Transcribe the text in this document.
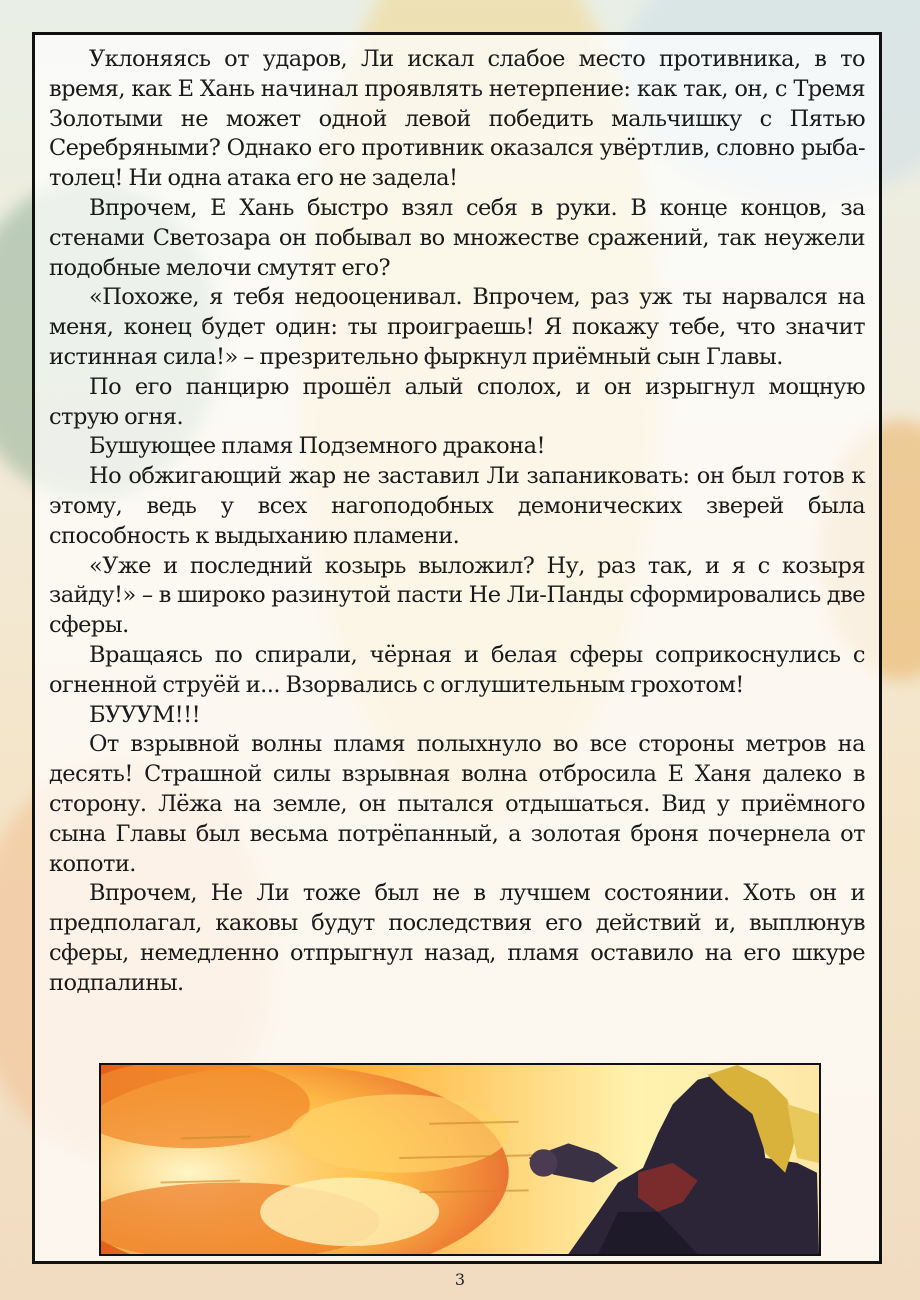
Уклоняясь от ударов, Ли искал слабое место противника, в то время, как Е Хань начинал проявлять нетерпение: как так, он, с Тремя Золотыми не может одной левой победить мальчишку с Пятью Серебряными? Однако его противник оказался увёртлив, словно рыба-толец! Ни одна атака его не задела!

Впрочем, Е Хань быстро взял себя в руки. В конце концов, за стенами Светозара он побывал во множестве сражений, так неужели подобные мелочи смутят его?

«Похоже, я тебя недооценивал. Впрочем, раз уж ты нарвался на меня, конец будет один: ты проиграешь! Я покажу тебе, что значит истинная сила!» – презрительно фыркнул приёмный сын Главы.

По его панцирю прошёл алый сполох, и он изрыгнул мощную струю огня.

Бушующее пламя Подземного дракона!

Но обжигающий жар не заставил Ли запаниковать: он был готов к этому, ведь у всех нагоподобных демонических зверей была способность к выдыханию пламени.

«Уже и последний козырь выложил? Ну, раз так, и я с козыря зайду!» – в широко разинутой пасти Не Ли-Панды сформировались две сферы.

Вращаясь по спирали, чёрная и белая сферы соприкоснулись с огненной струёй и... Взорвались с оглушительным грохотом!

БУУУМ!!!

От взрывной волны пламя полыхнуло во все стороны метров на десять! Страшной силы взрывная волна отбросила Е Ханя далеко в сторону. Лёжа на земле, он пытался отдышаться. Вид у приёмного сына Главы был весьма потрёпанный, а золотая броня почернела от копоти.

Впрочем, Не Ли тоже был не в лучшем состоянии. Хоть он и предполагал, каковы будут последствия его действий и, выплюнув сферы, немедленно отпрыгнул назад, пламя оставило на его шкуре подпалины.

3
